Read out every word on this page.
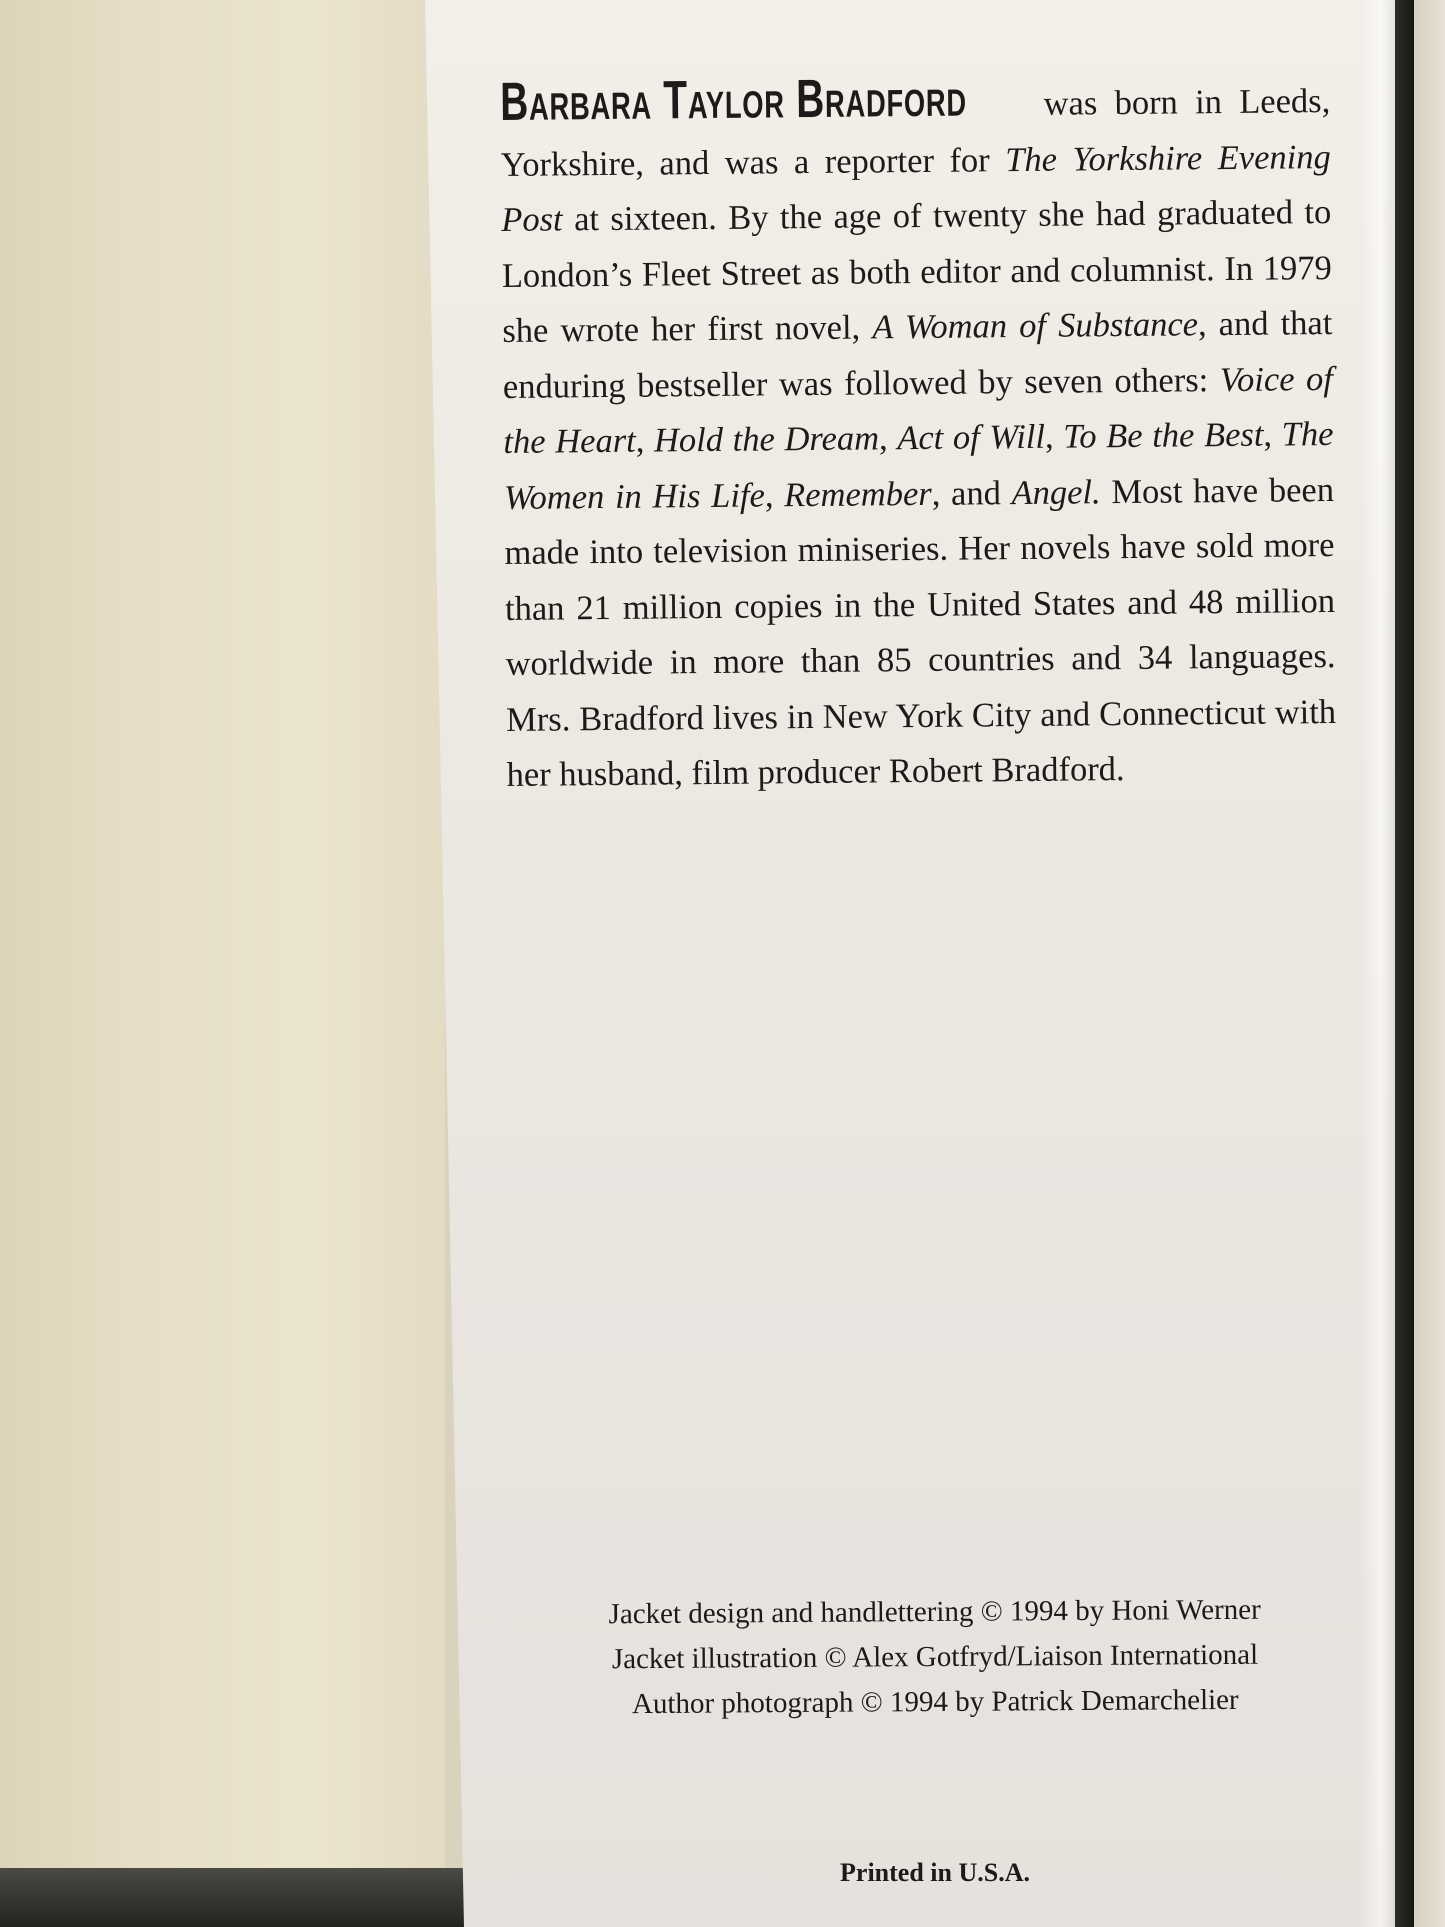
Barbara Taylor Bradford was born in Leeds, Yorkshire, and was a reporter for The Yorkshire Evening Post at sixteen. By the age of twenty she had graduated to London’s Fleet Street as both editor and columnist. In 1979 she wrote her first novel, A Woman of Substance, and that enduring bestseller was followed by seven others: Voice of the Heart, Hold the Dream, Act of Will, To Be the Best, The Women in His Life, Remember, and Angel. Most have been made into television miniseries. Her novels have sold more than 21 million copies in the United States and 48 million worldwide in more than 85 countries and 34 languages. Mrs. Bradford lives in New York City and Connecticut with her husband, film producer Robert Bradford.
Jacket design and handlettering © 1994 by Honi Werner
Jacket illustration © Alex Gotfryd/Liaison International
Author photograph © 1994 by Patrick Demarchelier
Printed in U.S.A.
